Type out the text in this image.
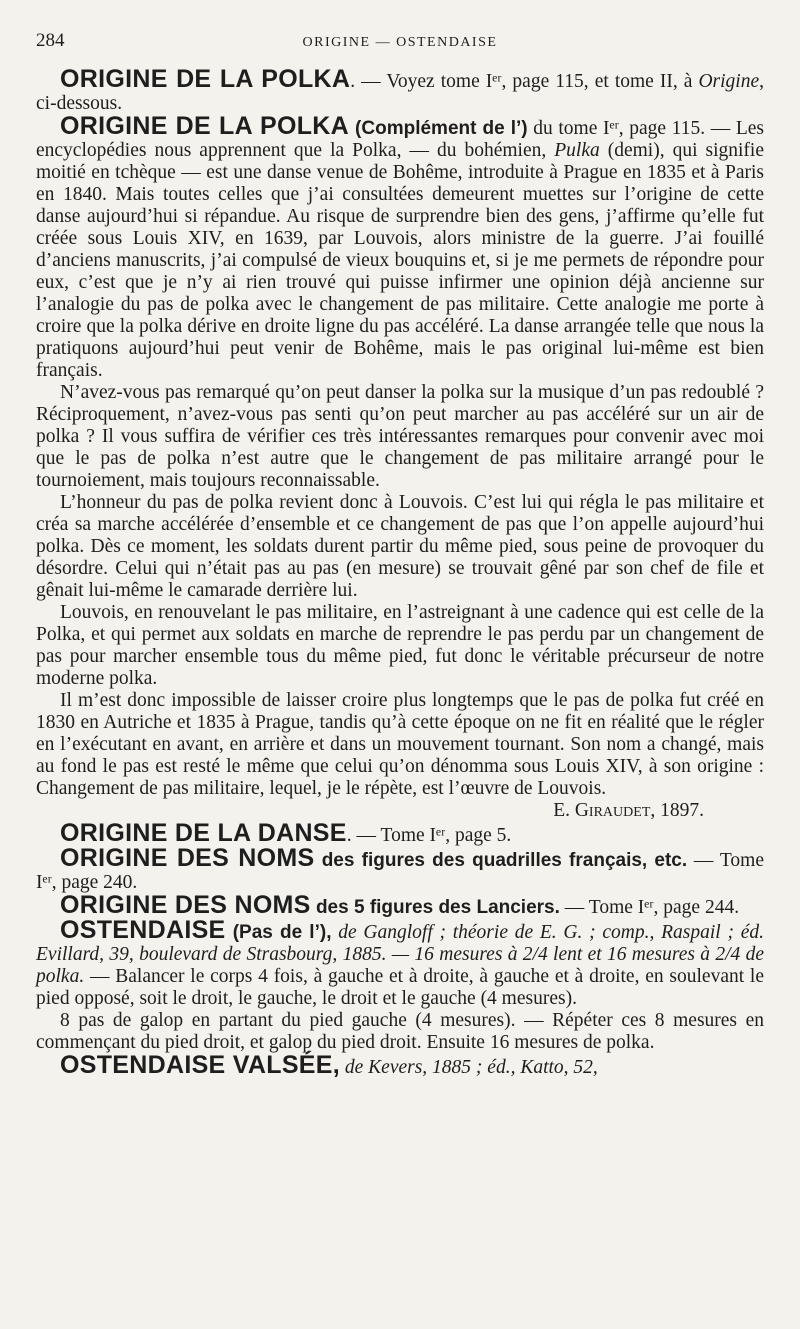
284	ORIGINE — OSTENDAISE

ORIGINE DE LA POLKA. — Voyez tome Iᵉʳ, page 115, et tome II, à Origine, ci-dessous.

ORIGINE DE LA POLKA (Complément de l’) du tome Iᵉʳ, page 115. — Les encyclopédies nous apprennent que la Polka, — du bohémien, Pulka (demi), qui signifie moitié en tchèque — est une danse venue de Bohême, introduite à Prague en 1835 et à Paris en 1840. Mais toutes celles que j’ai consultées demeurent muettes sur l’origine de cette danse aujourd’hui si répandue. Au risque de surprendre bien des gens, j’affirme qu’elle fut créée sous Louis XIV, en 1639, par Louvois, alors ministre de la guerre. J’ai fouillé d’anciens manuscrits, j’ai compulsé de vieux bouquins et, si je me permets de répondre pour eux, c’est que je n’y ai rien trouvé qui puisse infirmer une opinion déjà ancienne sur l’analogie du pas de polka avec le changement de pas militaire. Cette analogie me porte à croire que la polka dérive en droite ligne du pas accéléré. La danse arrangée telle que nous la pratiquons aujourd’hui peut venir de Bohême, mais le pas original lui-même est bien français.

N’avez-vous pas remarqué qu’on peut danser la polka sur la musique d’un pas redoublé ? Réciproquement, n’avez-vous pas senti qu’on peut marcher au pas accéléré sur un air de polka ? Il vous suffira de vérifier ces très intéressantes remarques pour convenir avec moi que le pas de polka n’est autre que le changement de pas militaire arrangé pour le tournoiement, mais toujours reconnaissable.

L’honneur du pas de polka revient donc à Louvois. C’est lui qui régla le pas militaire et créa sa marche accélérée d’ensemble et ce changement de pas que l’on appelle aujourd’hui polka. Dès ce moment, les soldats durent partir du même pied, sous peine de provoquer du désordre. Celui qui n’était pas au pas (en mesure) se trouvait gêné par son chef de file et gênait lui-même le camarade derrière lui.

Louvois, en renouvelant le pas militaire, en l’astreignant à une cadence qui est celle de la Polka, et qui permet aux soldats en marche de reprendre le pas perdu par un changement de pas pour marcher ensemble tous du même pied, fut donc le véritable précurseur de notre moderne polka.

Il m’est donc impossible de laisser croire plus longtemps que le pas de polka fut créé en 1830 en Autriche et 1835 à Prague, tandis qu’à cette époque on ne fit en réalité que le régler en l’exécutant en avant, en arrière et dans un mouvement tournant. Son nom a changé, mais au fond le pas est resté le même que celui qu’on dénomma sous Louis XIV, à son origine : Changement de pas militaire, lequel, je le répète, est l’œuvre de Louvois.
E. Giraudet, 1897.

ORIGINE DE LA DANSE. — Tome Iᵉʳ, page 5.

ORIGINE DES NOMS des figures des quadrilles français, etc. — Tome Iᵉʳ, page 240.

ORIGINE DES NOMS des 5 figures des Lanciers. — Tome Iᵉʳ, page 244.

OSTENDAISE (Pas de l’), de Gangloff ; théorie de E. G. ; comp., Raspail ; éd. Evillard, 39, boulevard de Strasbourg, 1885. — 16 mesures à 2/4 lent et 16 mesures à 2/4 de polka. — Balancer le corps 4 fois, à gauche et à droite, à gauche et à droite, en soulevant le pied opposé, soit le droit, le gauche, le droit et le gauche (4 mesures).

8 pas de galop en partant du pied gauche (4 mesures). — Répéter ces 8 mesures en commençant du pied droit, et galop du pied droit. Ensuite 16 mesures de polka.

OSTENDAISE VALSÉE, de Kevers, 1885 ; éd., Katto, 52,
